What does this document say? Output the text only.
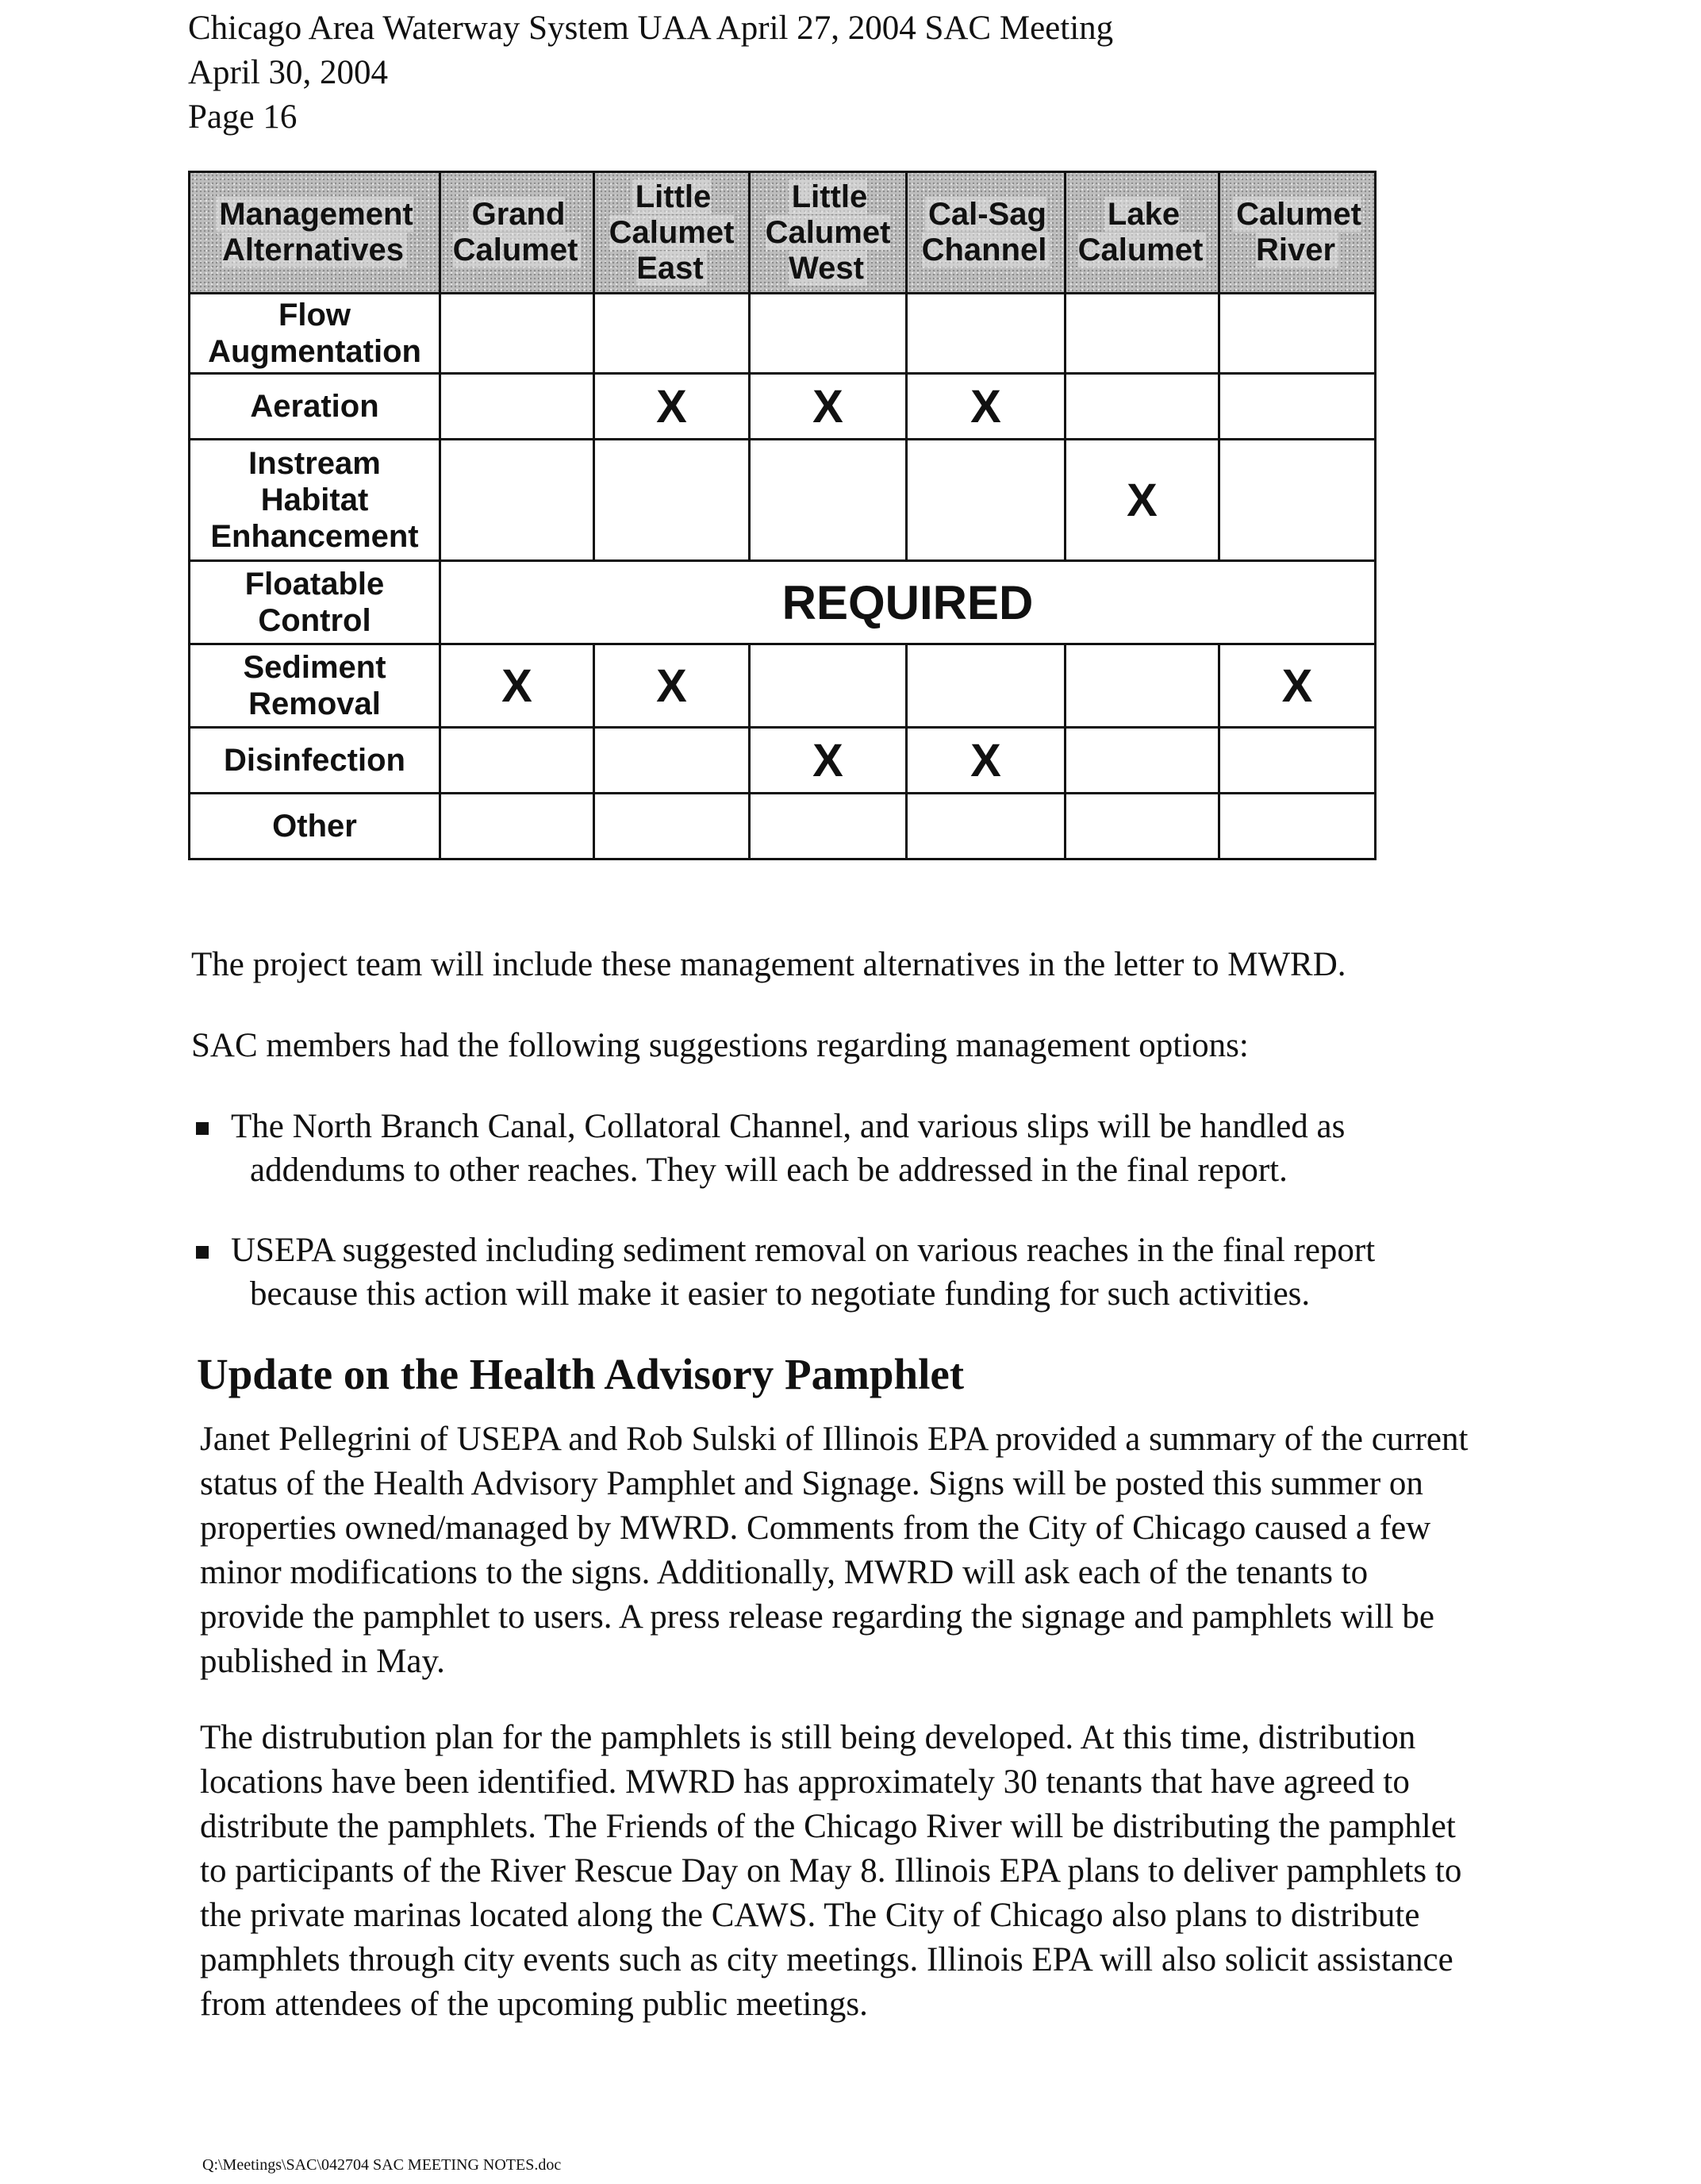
Chicago Area Waterway System UAA April 27, 2004 SAC Meeting
April 30, 2004
Page 16
Management Alternatives	Grand Calumet	Little Calumet East	Little Calumet West	Cal-Sag Channel	Lake Calumet	Calumet River
Flow Augmentation						
Aeration		X	X	X		
Instream Habitat Enhancement					X	
Floatable Control	REQUIRED					
Sediment Removal	X	X				X
Disinfection			X	X		
Other						
The project team will include these management alternatives in the letter to MWRD.
SAC members had the following suggestions regarding management options:
The North Branch Canal, Collatoral Channel, and various slips will be handled as
addendums to other reaches. They will each be addressed in the final report.
USEPA suggested including sediment removal on various reaches in the final report
because this action will make it easier to negotiate funding for such activities.
Update on the Health Advisory Pamphlet
Janet Pellegrini of USEPA and Rob Sulski of Illinois EPA provided a summary of the current
status of the Health Advisory Pamphlet and Signage. Signs will be posted this summer on
properties owned/managed by MWRD. Comments from the City of Chicago caused a few
minor modifications to the signs. Additionally, MWRD will ask each of the tenants to
provide the pamphlet to users. A press release regarding the signage and pamphlets will be
published in May.
The distrubution plan for the pamphlets is still being developed. At this time, distribution
locations have been identified. MWRD has approximately 30 tenants that have agreed to
distribute the pamphlets. The Friends of the Chicago River will be distributing the pamphlet
to participants of the River Rescue Day on May 8. Illinois EPA plans to deliver pamphlets to
the private marinas located along the CAWS. The City of Chicago also plans to distribute
pamphlets through city events such as city meetings. Illinois EPA will also solicit assistance
from attendees of the upcoming public meetings.
Q:\Meetings\SAC\042704 SAC MEETING NOTES.doc
